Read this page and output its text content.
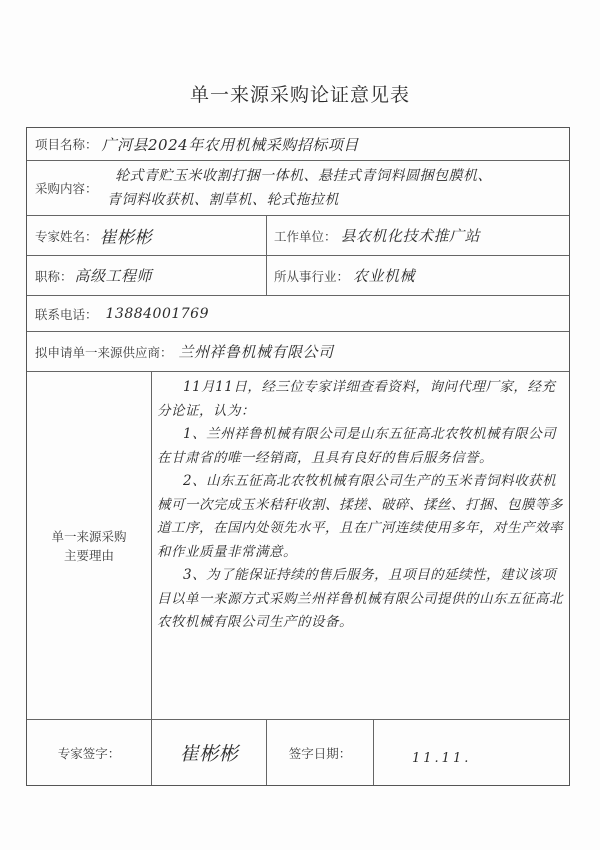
单一来源采购论证意见表
项目名称： 广河县2024年农用机械采购招标项目
采购内容：
轮式青贮玉米收割打捆一体机、悬挂式青饲料圆捆包膜机、
青饲料收获机、割草机、轮式拖拉机
专家姓名： 崔彬彬	工作单位： 县农机化技术推广站
职称： 高级工程师	所从事行业： 农业机械
联系电话： 13884001769
拟申请单一来源供应商： 兰州祥鲁机械有限公司
单一来源采购
主要理由

11月11日，经三位专家详细查看资料，询问代理厂家，经充分论证，认为：

1、兰州祥鲁机械有限公司是山东五征高北农牧机械有限公司在甘肃省的唯一经销商，且具有良好的售后服务信誉。

2、山东五征高北农牧机械有限公司生产的玉米青饲料收获机械可一次完成玉米秸秆收割、揉搓、破碎、揉丝、打捆、包膜等多道工序，在国内处领先水平，且在广河连续使用多年，对生产效率和作业质量非常满意。

3、为了能保证持续的售后服务，且项目的延续性，建议该项目以单一来源方式采购兰州祥鲁机械有限公司提供的山东五征高北农牧机械有限公司生产的设备。

专家签字：	崔彬彬	签字日期：	11.11.
